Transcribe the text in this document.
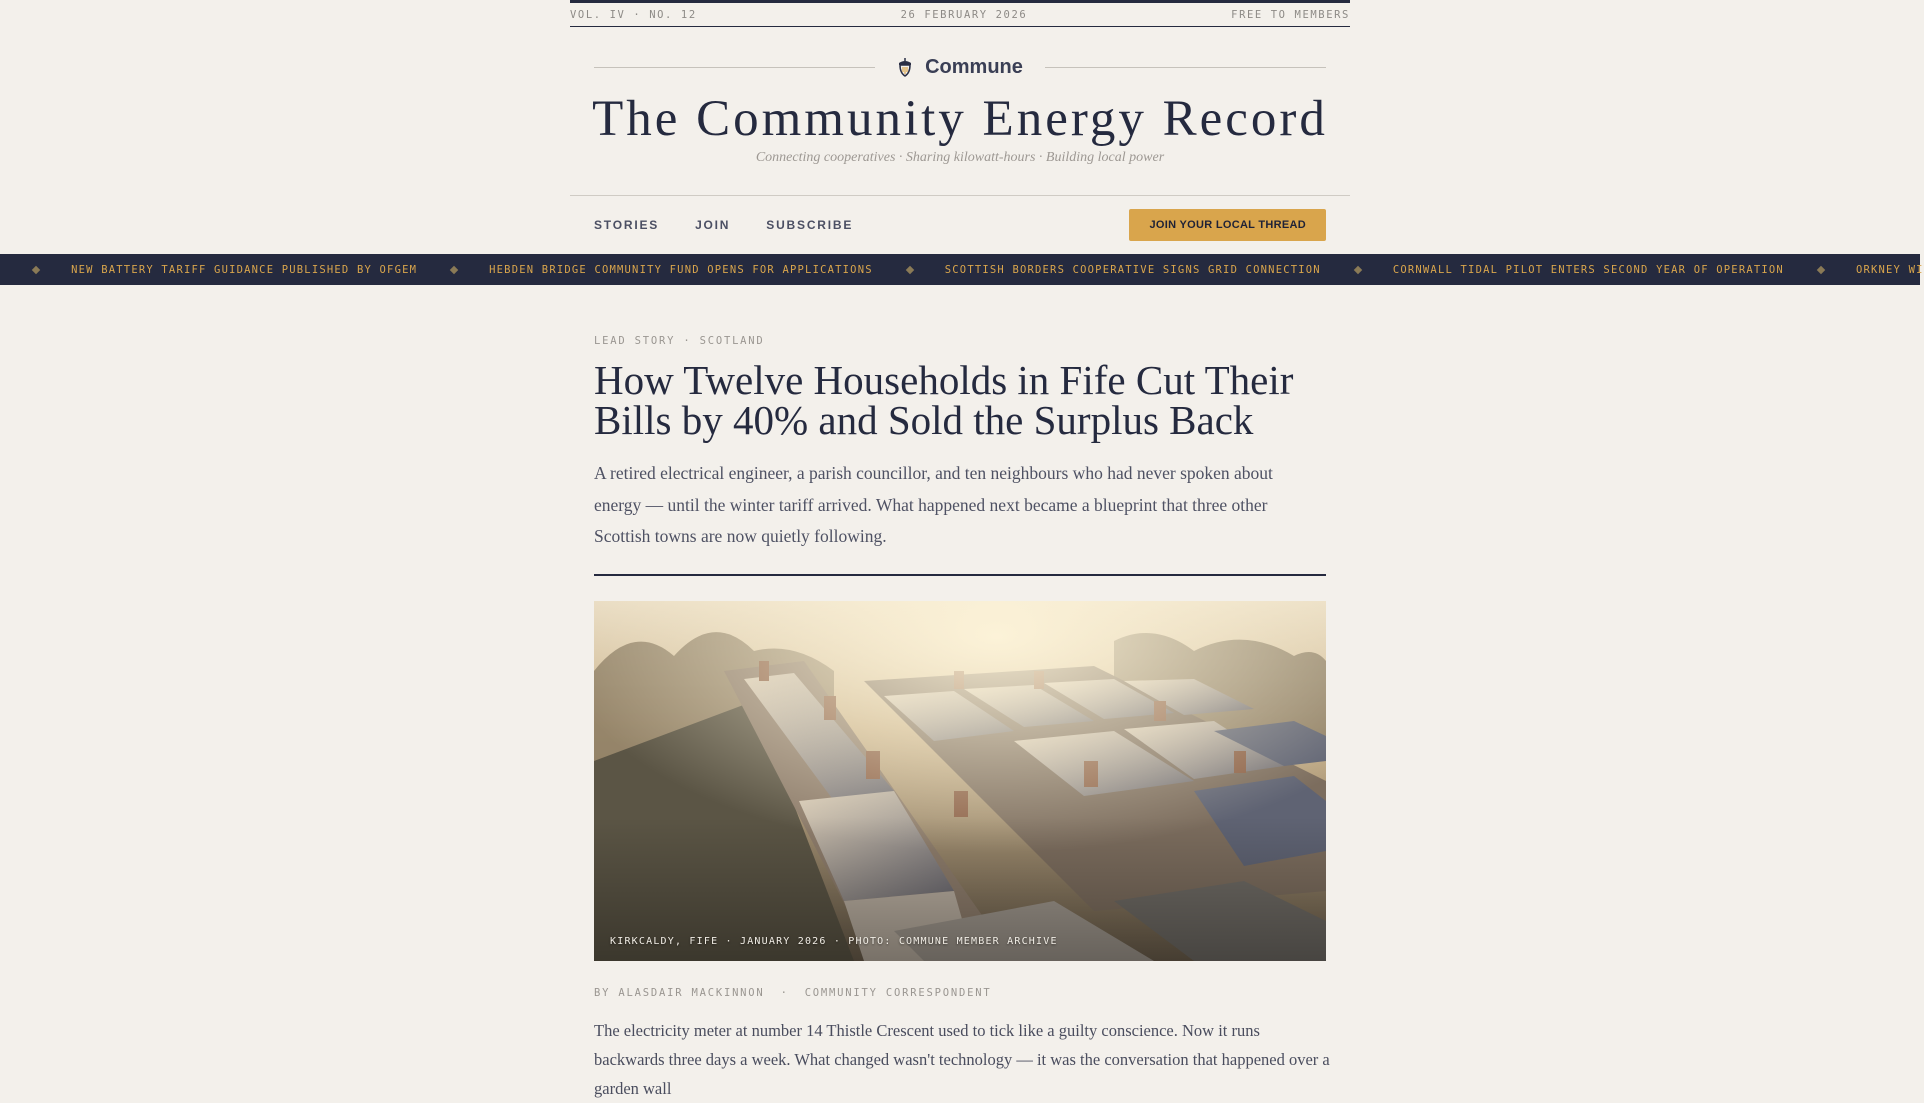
VOL. IV · NO. 12	26 FEBRUARY 2026	FREE TO MEMBERS
Commune
The Community Energy Record
Connecting cooperatives · Sharing kilowatt-hours · Building local power
STORIES	JOIN	SUBSCRIBE	JOIN YOUR LOCAL THREAD
NEW BATTERY TARIFF GUIDANCE PUBLISHED BY OFGEM	HEBDEN BRIDGE COMMUNITY FUND OPENS FOR APPLICATIONS	SCOTTISH BORDERS COOPERATIVE SIGNS GRID CONNECTION	CORNWALL TIDAL PILOT ENTERS SECOND YEAR OF OPERATION	ORKNEY WI
LEAD STORY · SCOTLAND
How Twelve Households in Fife Cut Their Bills by 40% and Sold the Surplus Back

A retired electrical engineer, a parish councillor, and ten neighbours who had never spoken about energy — until the winter tariff arrived. What happened next became a blueprint that three other Scottish towns are now quietly following.

KIRKCALDY, FIFE · JANUARY 2026 · PHOTO: COMMUNE MEMBER ARCHIVE
BY ALASDAIR MACKINNON · COMMUNITY CORRESPONDENT

The electricity meter at number 14 Thistle Crescent used to tick like a guilty conscience. Now it runs backwards three days a week. What changed wasn't technology — it was the conversation that happened over a garden wall
